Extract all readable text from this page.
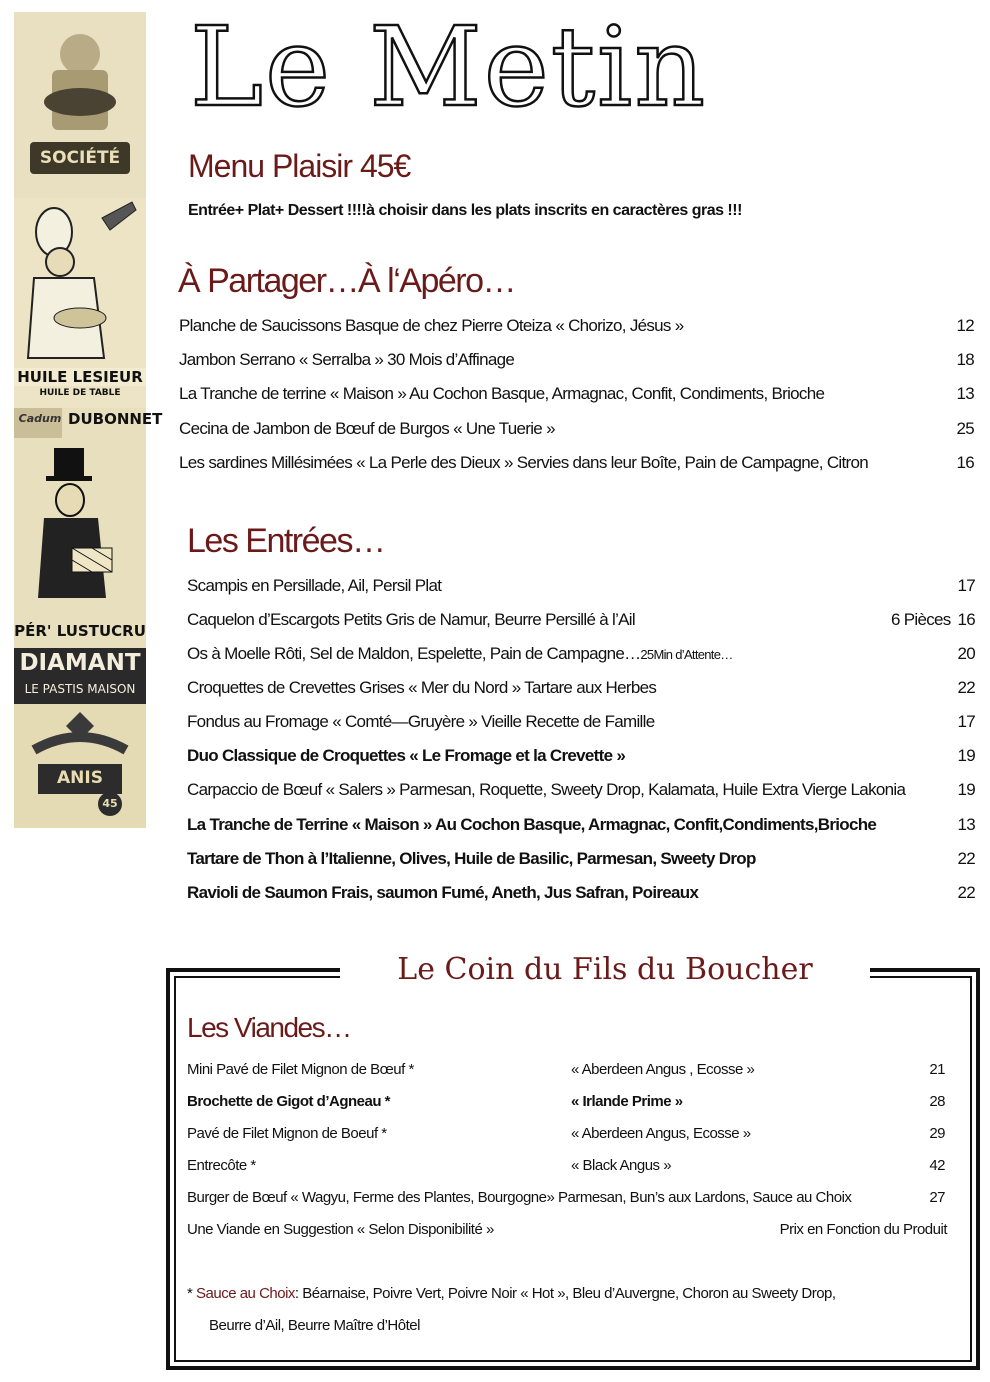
SOCIÉTÉ
HUILE LESIEUR
HUILE DE TABLE
Cadum DUBONNET
PÉR' LUSTUCRU
DIAMANT
LE PASTIS MAISON
ANIS
45
Le Metin
Menu Plaisir 45€
Entrée+ Plat+ Dessert !!!!à choisir dans les plats inscrits en caractères gras !!!
À Partager…À l‘Apéro…
Planche de Saucissons Basque de chez Pierre Oteiza « Chorizo, Jésus »	12
Jambon Serrano « Serralba » 30 Mois d’Affinage	18
La Tranche de terrine « Maison » Au Cochon Basque, Armagnac, Confit, Condiments, Brioche	13
Cecina de Jambon de Bœuf de Burgos « Une Tuerie »	25
Les sardines Millésimées « La Perle des Dieux » Servies dans leur Boîte, Pain de Campagne, Citron	16
Les Entrées…
Scampis en Persillade, Ail, Persil Plat	17
Caquelon d’Escargots Petits Gris de Namur, Beurre Persillé à l’Ail	6 Pièces 16
Os à Moelle Rôti, Sel de Maldon, Espelette, Pain de Campagne…25Min d’Attente…	20
Croquettes de Crevettes Grises « Mer du Nord » Tartare aux Herbes	22
Fondus au Fromage « Comté—Gruyère » Vieille Recette de Famille	17
Duo Classique de Croquettes « Le Fromage et la Crevette »	19
Carpaccio de Bœuf « Salers » Parmesan, Roquette, Sweety Drop, Kalamata, Huile Extra Vierge Lakonia	19
La Tranche de Terrine « Maison » Au Cochon Basque, Armagnac, Confit,Condiments,Brioche	13
Tartare de Thon à l’Italienne, Olives, Huile de Basilic, Parmesan, Sweety Drop	22
Ravioli de Saumon Frais, saumon Fumé, Aneth, Jus Safran, Poireaux	22
Le Coin du Fils du Boucher
Les Viandes…
Mini Pavé de Filet Mignon de Bœuf *	« Aberdeen Angus , Ecosse »	21
Brochette de Gigot d’Agneau *	« Irlande Prime »	28
Pavé de Filet Mignon de Boeuf *	« Aberdeen Angus, Ecosse »	29
Entrecôte *	« Black Angus »	42
Burger de Bœuf « Wagyu, Ferme des Plantes, Bourgogne» Parmesan, Bun’s aux Lardons, Sauce au Choix	27
Une Viande en Suggestion « Selon Disponibilité »	Prix en Fonction du Produit
* Sauce au Choix: Béarnaise, Poivre Vert, Poivre Noir « Hot », Bleu d’Auvergne, Choron au Sweety Drop,
Beurre d’Ail, Beurre Maître d’Hôtel
